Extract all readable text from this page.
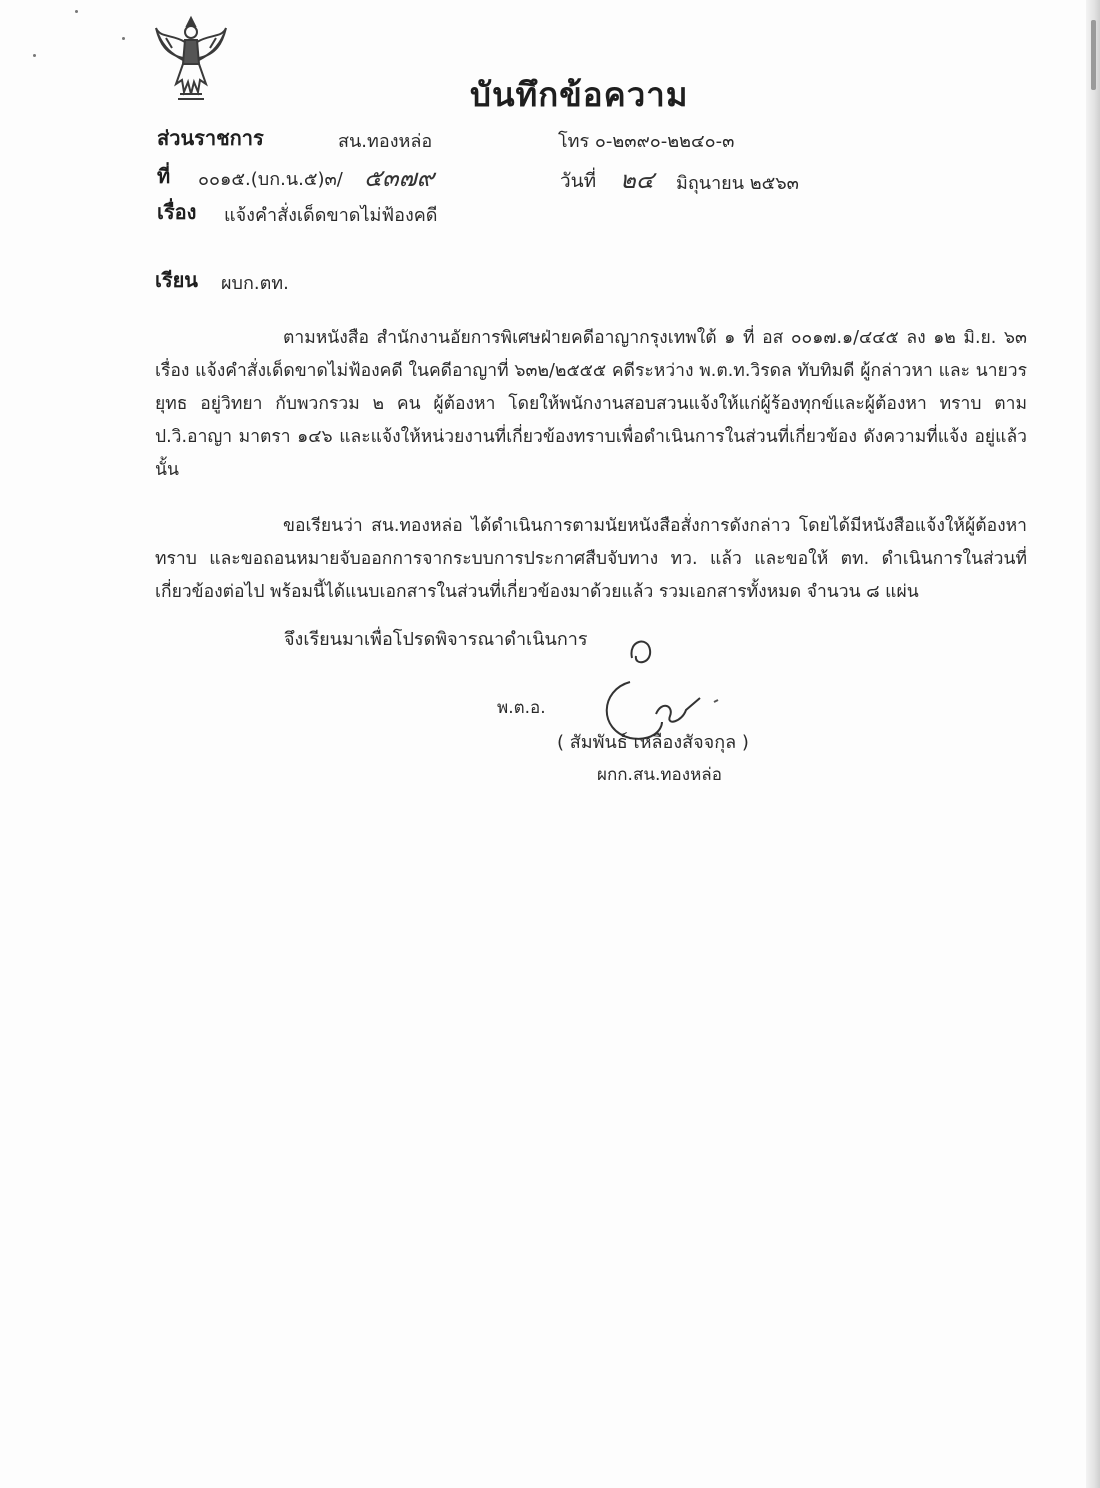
บันทึกข้อความ
ส่วนราชการ	สน.ทองหล่อ	โทร ๐-๒๓๙๐-๒๒๔๐-๓
ที่ ๐๐๑๕.(บก.น.๕)๓/ ๕๓๗๙	วันที่ ๒๔ มิถุนายน ๒๕๖๓
เรื่อง แจ้งคำสั่งเด็ดขาดไม่ฟ้องคดี
เรียน ผบก.ตท.
ตามหนังสือ สำนักงานอัยการพิเศษฝ่ายคดีอาญากรุงเทพใต้ ๑ ที่ อส ๐๐๑๗.๑/๔๔๕ ลง ๑๒ มิ.ย. ๖๓ เรื่อง แจ้งคำสั่งเด็ดขาดไม่ฟ้องคดี ในคดีอาญาที่ ๖๓๒/๒๕๕๕ คดีระหว่าง พ.ต.ท.วิรดล ทับทิมดี ผู้กล่าวหา และ นายวรยุทธ อยู่วิทยา กับพวกรวม ๒ คน ผู้ต้องหา โดยให้พนักงานสอบสวนแจ้งให้แก่ผู้ร้องทุกข์และผู้ต้องหา ทราบ ตาม ป.วิ.อาญา มาตรา ๑๔๖ และแจ้งให้หน่วยงานที่เกี่ยวข้องทราบเพื่อดำเนินการในส่วนที่เกี่ยวข้อง ดังความที่แจ้ง อยู่แล้ว นั้น
ขอเรียนว่า สน.ทองหล่อ ได้ดำเนินการตามนัยหนังสือสั่งการดังกล่าว โดยได้มีหนังสือแจ้งให้ผู้ต้องหา ทราบ และขอถอนหมายจับออกการจากระบบการประกาศสืบจับทาง ทว. แล้ว และขอให้ ตท. ดำเนินการในส่วนที่ เกี่ยวข้องต่อไป พร้อมนี้ได้แนบเอกสารในส่วนที่เกี่ยวข้องมาด้วยแล้ว รวมเอกสารทั้งหมด จำนวน ๘ แผ่น
จึงเรียนมาเพื่อโปรดพิจารณาดำเนินการ
พ.ต.อ.
( สัมพันธ์ เหลืองสัจจกุล )
ผกก.สน.ทองหล่อ
